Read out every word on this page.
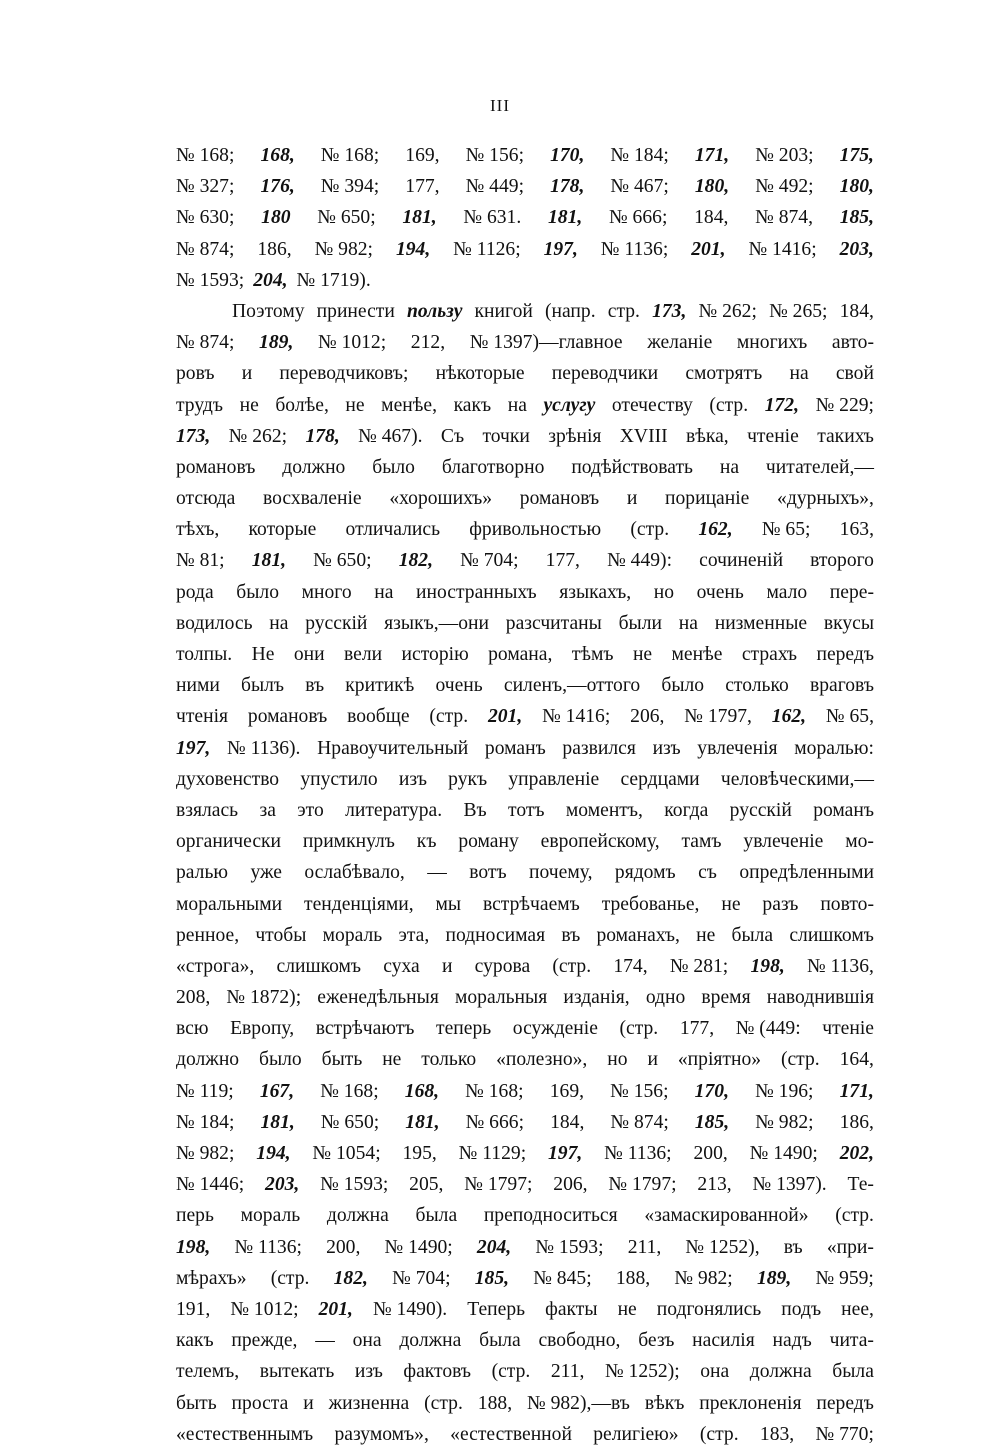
III
№ 168; 168, № 168; 169, № 156; 170, № 184; 171, № 203; 175,
№ 327; 176, № 394; 177, № 449; 178, № 467; 180, № 492; 180,
№ 630; 180 № 650; 181, № 631. 181, № 666; 184, № 874, 185,
№ 874; 186, № 982; 194, № 1126; 197, № 1136; 201, № 1416; 203,
№ 1593; 204, № 1719).
Поэтому принести пользу книгой (напр. стр. 173, № 262; № 265; 184,
№ 874; 189, № 1012; 212, № 1397)—главное желаніе многихъ авто-
ровъ и переводчиковъ; нѣкоторые переводчики смотрятъ на свой
трудъ не болѣе, не менѣе, какъ на услугу отечеству (стр. 172, № 229;
173, № 262; 178, № 467). Съ точки зрѣнія XVIII вѣка, чтеніе такихъ
романовъ должно было благотворно подѣйствовать на читателей,—
отсюда восхваленіе «хорошихъ» романовъ и порицаніе «дурныхъ»,
тѣхъ, которые отличались фривольностью (стр. 162, № 65; 163,
№ 81; 181, № 650; 182, № 704; 177, № 449): сочиненій второго
рода было много на иностранныхъ языкахъ, но очень мало пере-
водилось на русскій языкъ,—они разсчитаны были на низменные вкусы
толпы. Не они вели исторію романа, тѣмъ не менѣе страхъ передъ
ними былъ въ критикѣ очень силенъ,—оттого было столько враговъ
чтенія романовъ вообще (стр. 201, № 1416; 206, № 1797, 162, № 65,
197, № 1136). Нравоучительный романъ развился изъ увлеченія моралью:
духовенство упустило изъ рукъ управленіе сердцами человѣческими,—
взялась за это литература. Въ тотъ моментъ, когда русскій романъ
органически примкнулъ къ роману европейскому, тамъ увлеченіе мо-
ралью уже ослабѣвало, — вотъ почему, рядомъ съ опредѣленными
моральными тенденціями, мы встрѣчаемъ требованье, не разъ повто-
ренное, чтобы мораль эта, подносимая въ романахъ, не была слишкомъ
«строга», слишкомъ суха и сурова (стр. 174, № 281; 198, № 1136,
208, № 1872); еженедѣльныя моральныя изданія, одно время наводнившія
всю Европу, встрѣчаютъ теперь осужденіе (стр. 177, № (449: чтеніе
должно было быть не только «полезно», но и «пріятно» (стр. 164,
№ 119; 167, № 168; 168, № 168; 169, № 156; 170, № 196; 171,
№ 184; 181, № 650; 181, № 666; 184, № 874; 185, № 982; 186,
№ 982; 194, № 1054; 195, № 1129; 197, № 1136; 200, № 1490; 202,
№ 1446; 203, № 1593; 205, № 1797; 206, № 1797; 213, № 1397). Те-
перь мораль должна была преподноситься «замаскированной» (стр.
198, № 1136; 200, № 1490; 204, № 1593; 211, № 1252), въ «при-
мѣрахъ» (стр. 182, № 704; 185, № 845; 188, № 982; 189, № 959;
191, № 1012; 201, № 1490). Теперь факты не подгонялись подъ нее,
какъ прежде, — она должна была свободно, безъ насилія надъ чита-
телемъ, вытекать изъ фактовъ (стр. 211, № 1252); она должна была
быть проста и жизненна (стр. 188, № 982),—въ вѣкъ преклоненія передъ
«естественнымъ разумомъ», «естественной религіею» (стр. 183, № 770;
